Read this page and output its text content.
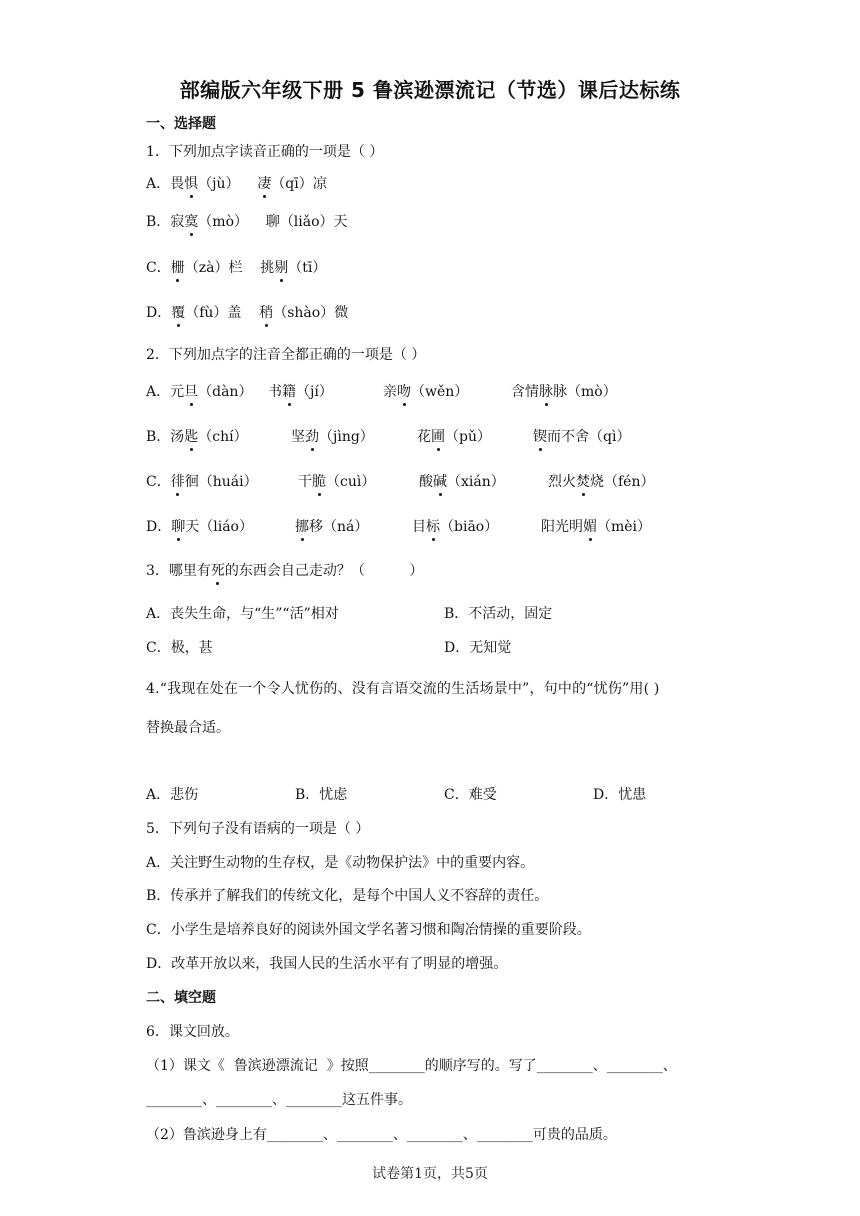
部编版六年级下册 5 鲁滨逊漂流记（节选）课后达标练
一、选择题
1．下列加点字读音正确的一项是（ ）
A．畏惧（jù）    凄（qī）凉
B．寂寞（mò）    聊（liǎo）天
C．栅（zà）栏    挑剔（tī）
D．覆（fù）盖    稍（shào）微
2．下列加点字的注音全都正确的一项是（ ）
A．元旦（dàn） 书籍（jí）	亲吻（wěn）	含情脉脉（mò）
B．汤匙（chí）	坚劲（jìng）	花圃（pǔ）	锲而不舍（qì）
C．徘徊（huái）	干脆（cuì）	酸碱（xián）	烈火焚烧（fén）
D．聊天（liáo）	挪移（ná）	目标（biāo）	阳光明媚（mèi）
3．哪里有死的东西会自己走动？（          ）
A．丧失生命，与“生”“活”相对	B．不活动，固定
C．极，甚	D．无知觉
4.“我现在处在一个令人忧伤的、没有言语交流的生活场景中”，句中的“忧伤”用( )
替换最合适。
A．悲伤	B．忧虑	C．难受	D．忧患
5．下列句子没有语病的一项是（ ）
A．关注野生动物的生存权，是《动物保护法》中的重要内容。
B．传承并了解我们的传统文化，是每个中国人义不容辞的责任。
C．小学生是培养良好的阅读外国文学名著习惯和陶冶情操的重要阶段。
D．改革开放以来，我国人民的生活水平有了明显的增强。
二、填空题
6．课文回放。
（1）课文《  鲁滨逊漂流记  》按照________的顺序写的。写了________、________、
________、________、________这五件事。
（2）鲁滨逊身上有________、________、________、________可贵的品质。
试卷第1页，共5页
